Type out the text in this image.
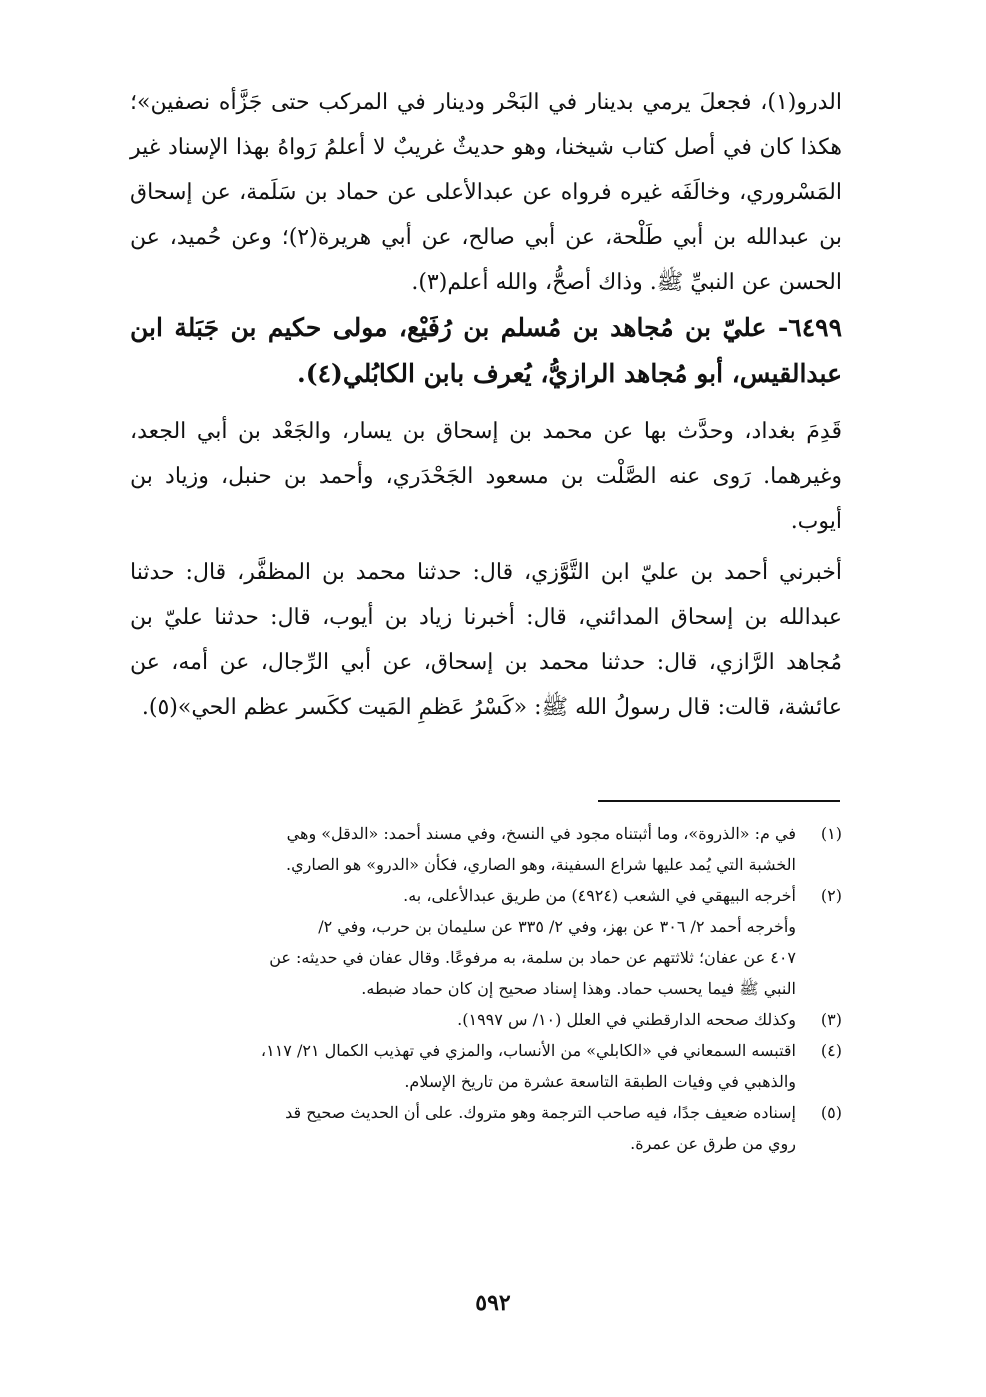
الدرو(١)، فجعلَ يرمي بدينار في البَحْر ودينار في المركب حتى جَزَّأه نصفين»؛ هكذا كان في أصل كتاب شيخنا، وهو حديثٌ غريبٌ لا أعلمُ رَواهُ بهذا الإسناد غير المَسْروري، وخالَفَه غيره فرواه عن عبدالأعلى عن حماد بن سَلَمة، عن إسحاق بن عبدالله بن أبي طَلْحة، عن أبي صالح، عن أبي هريرة(٢)؛ وعن حُميد، عن الحسن عن النبيِّ ﷺ. وذاك أصحُّ، والله أعلم(٣).

٦٤٩٩- عليّ بن مُجاهد بن مُسلم بن رُفَيْع، مولى حكيم بن جَبَلة ابن عبدالقيس، أبو مُجاهد الرازيُّ، يُعرف بابن الكابُلي(٤).

قَدِمَ بغداد، وحدَّث بها عن محمد بن إسحاق بن يسار، والجَعْد بن أبي الجعد، وغيرهما. رَوى عنه الصَّلْت بن مسعود الجَحْدَري، وأحمد بن حنبل، وزياد بن أيوب.

أخبرني أحمد بن عليّ ابن التَّوَّزي، قال: حدثنا محمد بن المظفَّر، قال: حدثنا عبدالله بن إسحاق المدائني، قال: أخبرنا زياد بن أيوب، قال: حدثنا عليّ بن مُجاهد الرَّازي، قال: حدثنا محمد بن إسحاق، عن أبي الرِّجال، عن أمه، عن عائشة، قالت: قال رسولُ الله ﷺ: «كَسْرُ عَظمِ المَيت ككَسر عظم الحي»(٥).

(١)
في م: «الذروة»، وما أثبتناه مجود في النسخ، وفي مسند أحمد: «الدقل» وهي
الخشبة التي يُمد عليها شراع السفينة، وهو الصاري، فكأن «الدرو» هو الصاري.
(٢)
أخرجه البيهقي في الشعب (٤٩٢٤) من طريق عبدالأعلى، به.
وأخرجه أحمد ٢/ ٣٠٦ عن بهز، وفي ٢/ ٣٣٥ عن سليمان بن حرب، وفي ٢/
٤٠٧ عن عفان؛ ثلاثتهم عن حماد بن سلمة، به مرفوعًا. وقال عفان في حديثه: عن
النبي ﷺ فيما يحسب حماد. وهذا إسناد صحيح إن كان حماد ضبطه.
(٣)
وكذلك صححه الدارقطني في العلل (١٠/ س ١٩٩٧).
(٤)
اقتبسه السمعاني في «الكابلي» من الأنساب، والمزي في تهذيب الكمال ٢١/ ١١٧،
والذهبي في وفيات الطبقة التاسعة عشرة من تاريخ الإسلام.
(٥)
إسناده ضعيف جدًا، فيه صاحب الترجمة وهو متروك. على أن الحديث صحيح قد
روي من طرق عن عمرة.
٥٩٢
